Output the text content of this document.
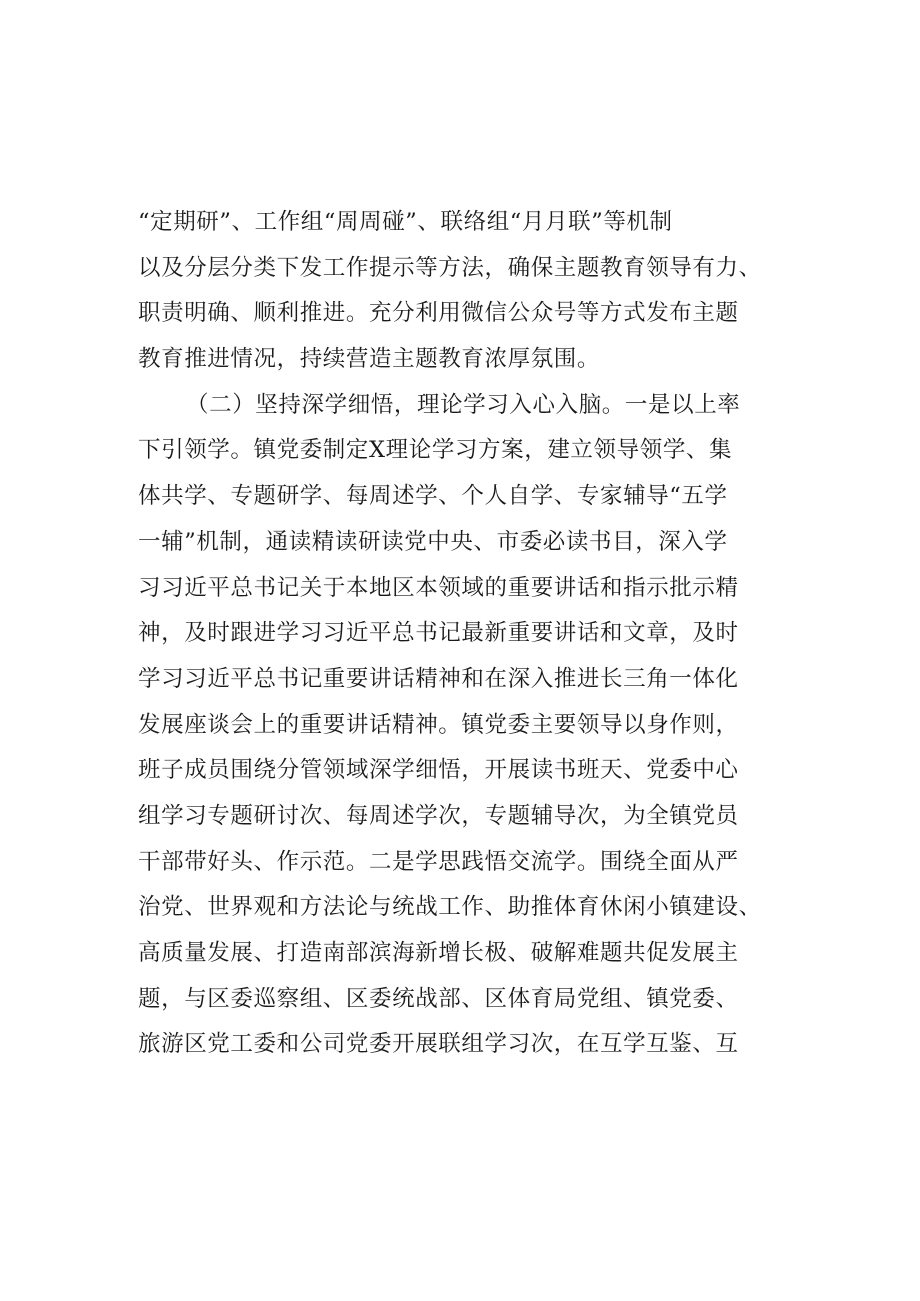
“定期研”、工作组“周周碰”、联络组“月月联”等机制
以及分层分类下发工作提示等方法，确保主题教育领导有力、
职责明确、顺利推进。充分利用微信公众号等方式发布主题
教育推进情况，持续营造主题教育浓厚氛围。
（二）坚持深学细悟，理论学习入心入脑。一是以上率
下引领学。镇党委制定X理论学习方案，建立领导领学、集
体共学、专题研学、每周述学、个人自学、专家辅导“五学
一辅”机制，通读精读研读党中央、市委必读书目，深入学
习习近平总书记关于本地区本领域的重要讲话和指示批示精
神，及时跟进学习习近平总书记最新重要讲话和文章，及时
学习习近平总书记重要讲话精神和在深入推进长三角一体化
发展座谈会上的重要讲话精神。镇党委主要领导以身作则，
班子成员围绕分管领域深学细悟，开展读书班天、党委中心
组学习专题研讨次、每周述学次，专题辅导次，为全镇党员
干部带好头、作示范。二是学思践悟交流学。围绕全面从严
治党、世界观和方法论与统战工作、助推体育休闲小镇建设、
高质量发展、打造南部滨海新增长极、破解难题共促发展主
题，与区委巡察组、区委统战部、区体育局党组、镇党委、
旅游区党工委和公司党委开展联组学习次，在互学互鉴、互
